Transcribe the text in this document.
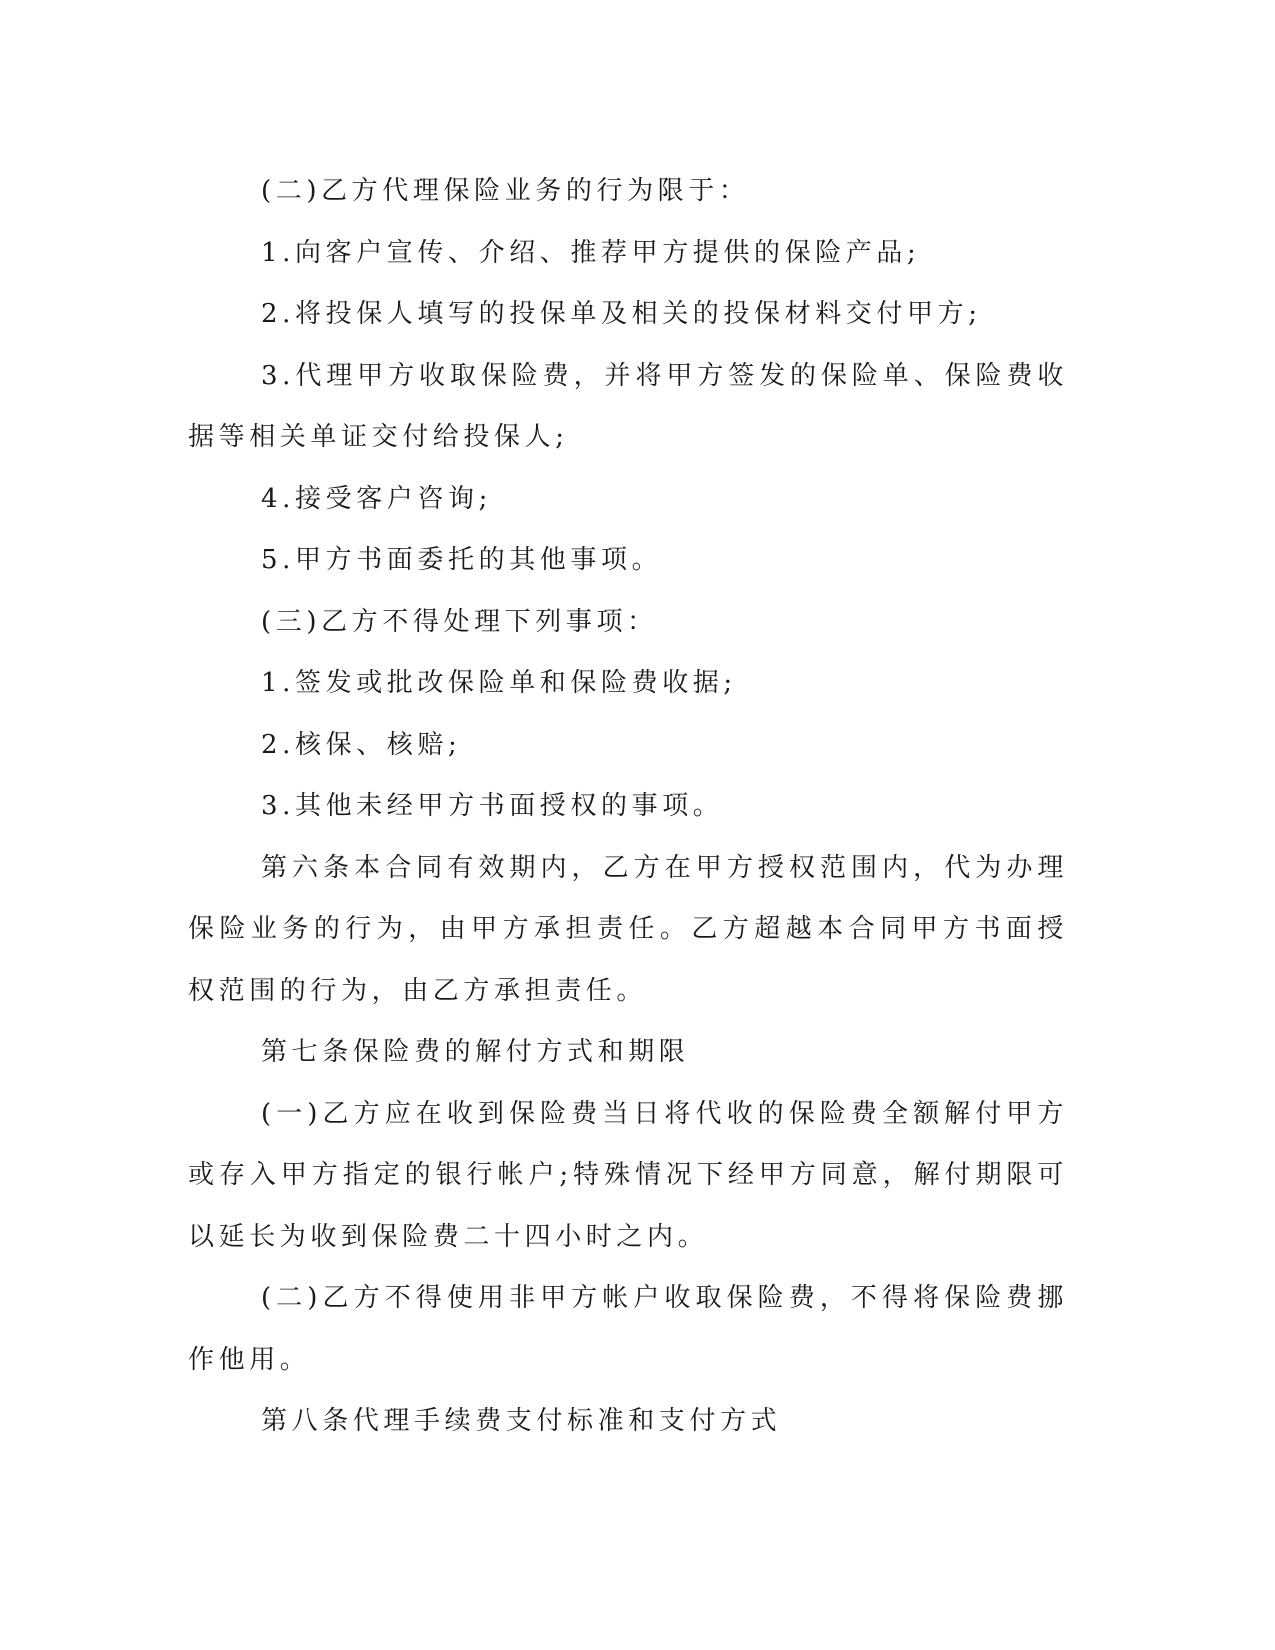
(二)乙方代理保险业务的行为限于：

1.向客户宣传、介绍、推荐甲方提供的保险产品;

2.将投保人填写的投保单及相关的投保材料交付甲方;

3.代理甲方收取保险费，并将甲方签发的保险单、保险费收据等相关单证交付给投保人;

4.接受客户咨询;

5.甲方书面委托的其他事项。

(三)乙方不得处理下列事项：

1.签发或批改保险单和保险费收据;

2.核保、核赔;

3.其他未经甲方书面授权的事项。

第六条本合同有效期内，乙方在甲方授权范围内，代为办理保险业务的行为，由甲方承担责任。乙方超越本合同甲方书面授权范围的行为，由乙方承担责任。

第七条保险费的解付方式和期限

(一)乙方应在收到保险费当日将代收的保险费全额解付甲方或存入甲方指定的银行帐户;特殊情况下经甲方同意，解付期限可以延长为收到保险费二十四小时之内。

(二)乙方不得使用非甲方帐户收取保险费，不得将保险费挪作他用。

第八条代理手续费支付标准和支付方式
